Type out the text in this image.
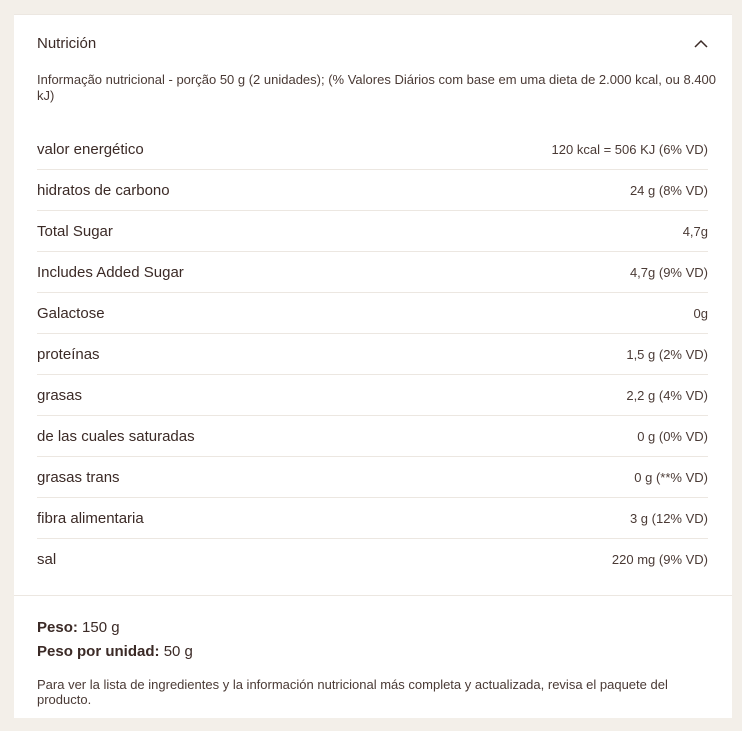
Nutrición
Informação nutricional - porção 50 g (2 unidades); (% Valores Diários com base em uma dieta de 2.000 kcal, ou 8.400 kJ)
valor energético	120 kcal = 506 KJ (6% VD)
hidratos de carbono	24 g (8% VD)
Total Sugar	4,7g
Includes Added Sugar	4,7g (9% VD)
Galactose	0g
proteínas	1,5 g (2% VD)
grasas	2,2 g (4% VD)
de las cuales saturadas	0 g (0% VD)
grasas trans	0 g (**% VD)
fibra alimentaria	3 g (12% VD)
sal	220 mg (9% VD)
Peso: 150 g
Peso por unidad: 50 g
Para ver la lista de ingredientes y la información nutricional más completa y actualizada, revisa el paquete del producto.
